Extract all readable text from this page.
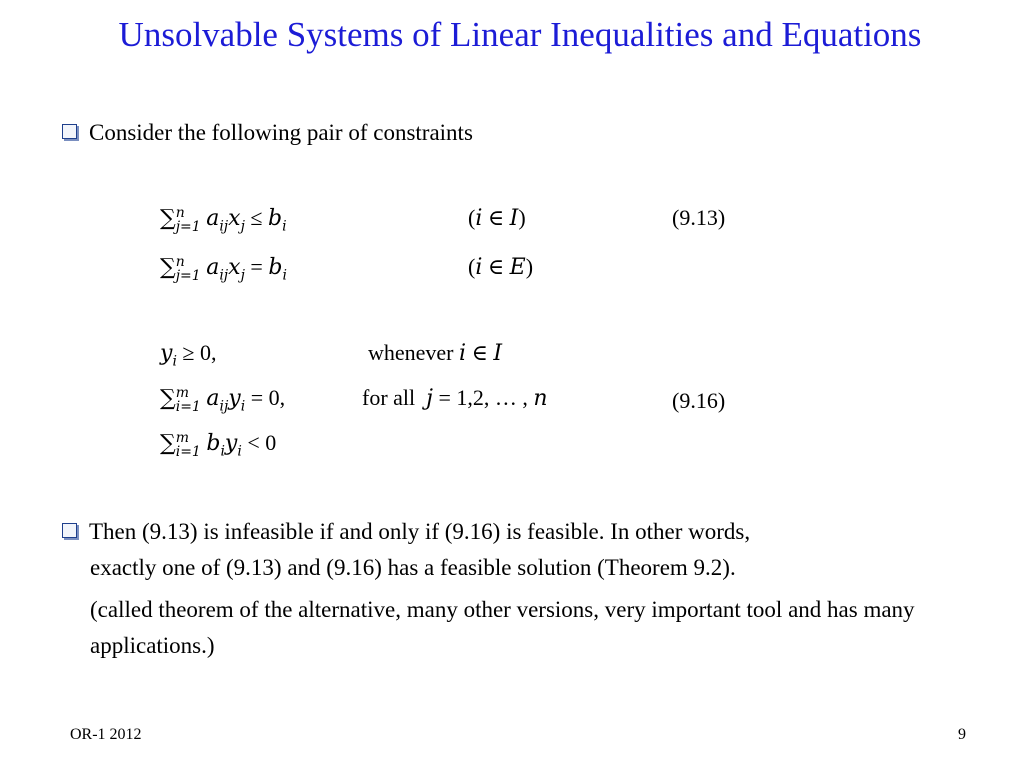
Unsolvable Systems of Linear Inequalities and Equations
Consider the following pair of constraints
∑ n
j=1 $a_{ij}x_j \le b_i$	(i ∈ I)	(9.13)
∑ n
j=1 $a_{ij}x_j = b_i$	(i ∈ E)
$y_i \ge 0$,	whenever i ∈ I
∑ m
i=1 $a_{ij}y_i = 0$,	for all j = 1,2, … , n	(9.16)
∑ m
i=1 $b_iy_i < 0$
Then (9.13) is infeasible if and only if (9.16) is feasible. In other words,
exactly one of (9.13) and (9.16) has a feasible solution (Theorem 9.2).
(called theorem of the alternative, many other versions, very important tool and has many applications.)
OR-1 2012	9
